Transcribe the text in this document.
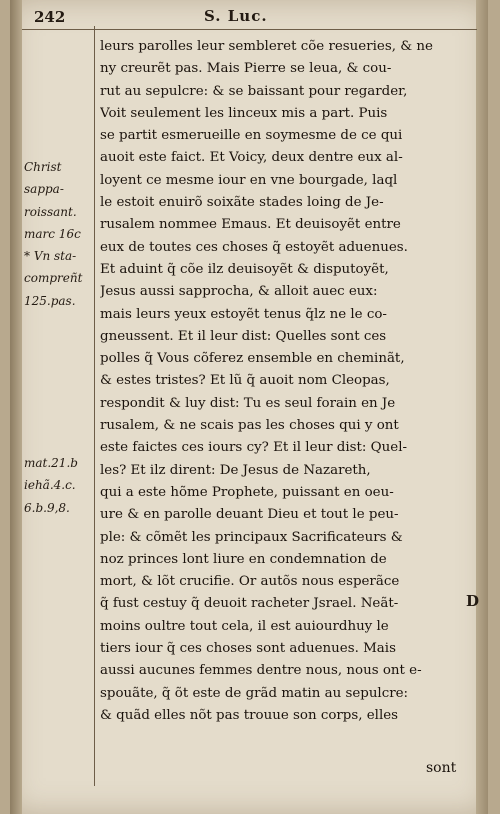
242	S. Luc.
Christ
sappa-
roissant.
marc 16c
* Vn sta-
compreñt
125.pas.
mat.21.b
iehã.4.c.
6.b.9,8.
leurs parolles leur sembleret cõe resueries, & ne
ny creurẽt pas. Mais Pierre se leua, & cou-
rut au sepulcre: & se baissant pour regarder,
Voit seulement les linceux mis a part. Puis
se partit esmerueille en soymesme de ce qui
auoit este faict. Et Voicy, deux dentre eux al-
loyent ce mesme iour en vne bourgade, laql
le estoit enuirõ soixãte stades loing de Je-
rusalem nommee Emaus. Et deuisoyẽt entre
eux de toutes ces choses q̃ estoyẽt aduenues.
Et aduint q̃ cõe ilz deuisoyẽt & disputoyẽt,
Jesus aussi sapprocha, & alloit auec eux:
mais leurs yeux estoyẽt tenus q̃lz ne le co-
gneussent. Et il leur dist: Quelles sont ces
polles q̃ Vous cõferez ensemble en cheminãt,
& estes tristes? Et lũ q̃ auoit nom Cleopas,
respondit & luy dist: Tu es seul forain en Je
rusalem, & ne scais pas les choses qui y ont
este faictes ces iours cy? Et il leur dist: Quel-
les? Et ilz dirent: De Jesus de Nazareth,
qui a este hõme Prophete, puissant en oeu-
ure & en parolle deuant Dieu et tout le peu-
ple: & cõmẽt les principaux Sacrificateurs &
noz princes lont liure en condemnation de
mort, & lõt crucifie. Or autõs nous esperãce
q̃ fust cestuy q̃ deuoit racheter Jsrael. Neãt-
moins oultre tout cela, il est auiourdhuy le
tiers iour q̃ ces choses sont aduenues. Mais
aussi aucunes femmes dentre nous, nous ont e-
spouãte, q̃ õt este de grãd matin au sepulcre:
& quãd elles nõt pas trouue son corps, elles
D
sont
